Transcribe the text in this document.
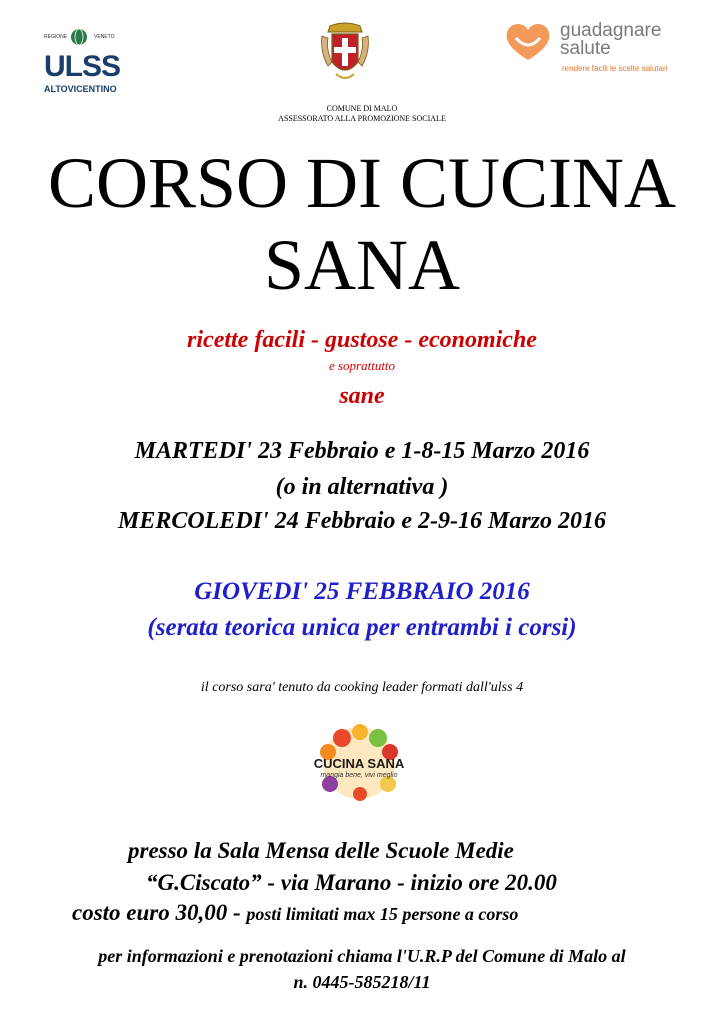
REGIONE	VENETO
ULSS
ALTOVICENTINO
guadagnare
salute
rendere facili le scelte salutari
COMUNE DI MALO
ASSESSORATO ALLA PROMOZIONE SOCIALE
CORSO DI CUCINA
SANA
ricette facili - gustose - economiche
e soprattutto
sane
MARTEDI' 23 Febbraio e 1-8-15 Marzo 2016
(o in alternativa )
MERCOLEDI' 24 Febbraio e 2-9-16 Marzo 2016
GIOVEDI' 25 FEBBRAIO 2016
(serata teorica unica per entrambi i corsi)
il corso sara' tenuto da cooking leader formati dall'ulss 4
CUCINA SANA
mangia bene, vivi meglio
presso la Sala Mensa delle Scuole Medie
“G.Ciscato” - via Marano - inizio ore 20.00
costo euro 30,00 - posti limitati max 15 persone a corso
per informazioni e prenotazioni chiama l'U.R.P del Comune di Malo al
n. 0445-585218/11
